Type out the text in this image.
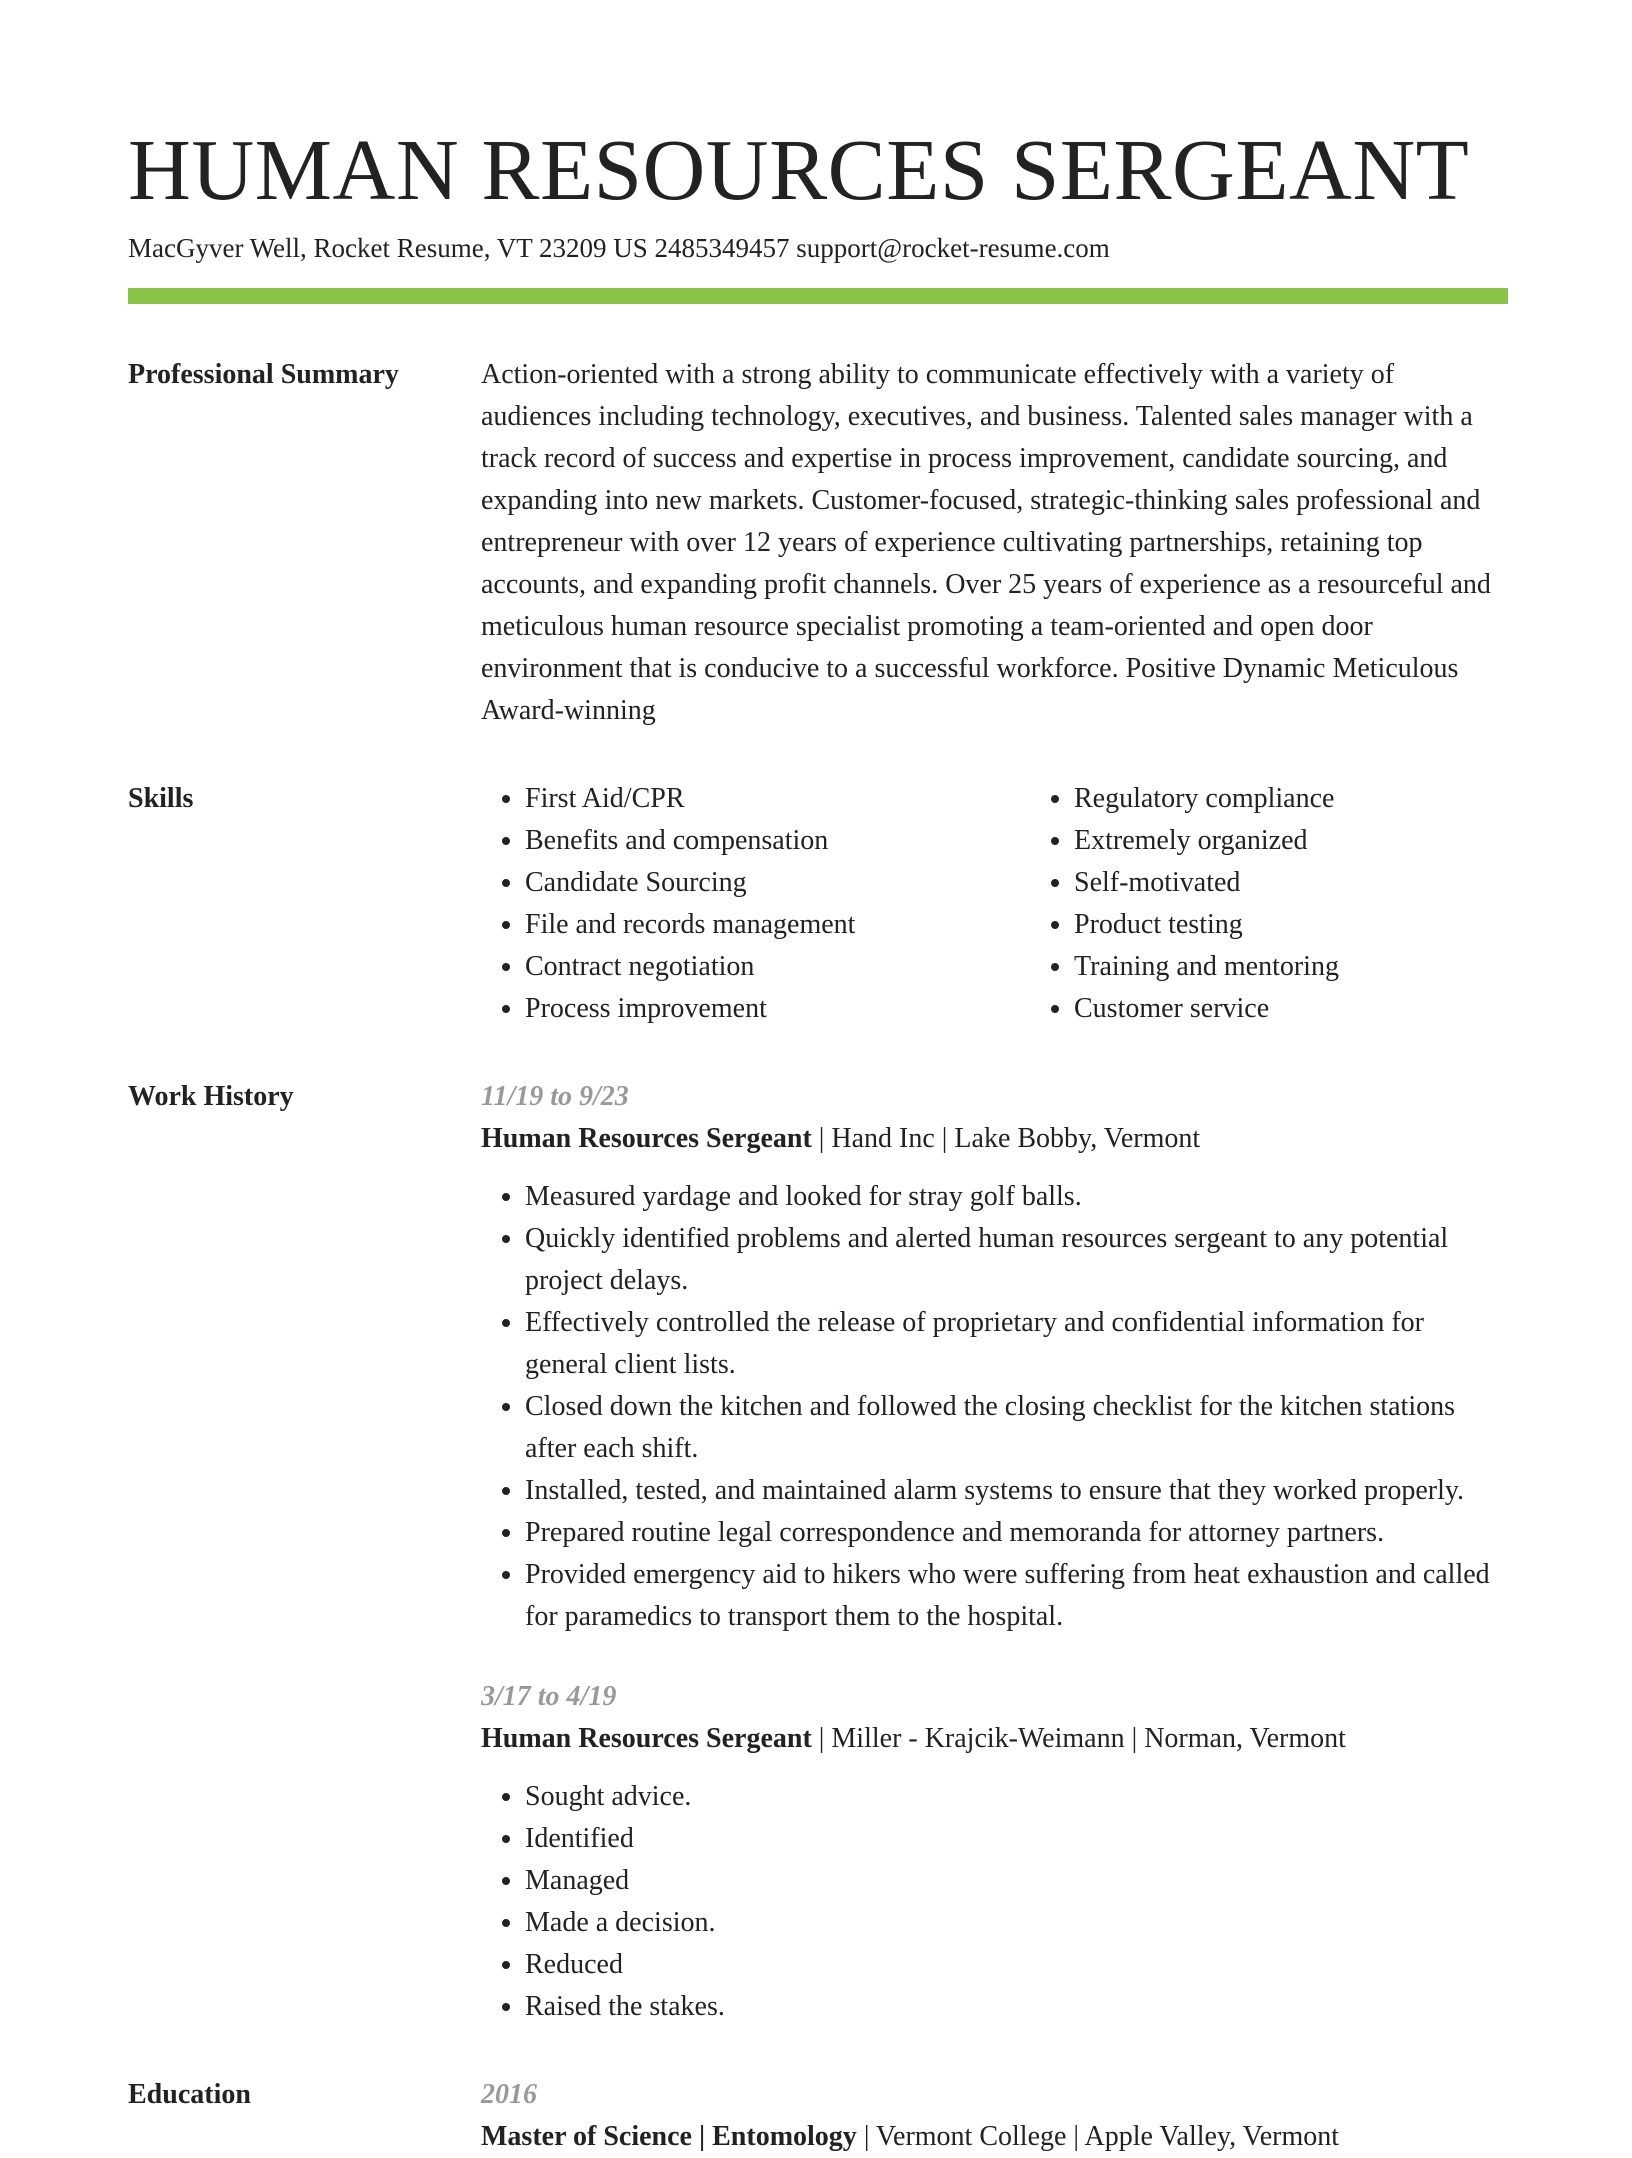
HUMAN RESOURCES SERGEANT
MacGyver Well, Rocket Resume, VT 23209 US 2485349457 support@rocket-resume.com
Professional Summary	Action-oriented with a strong ability to communicate effectively with a variety of audiences including technology, executives, and business. Talented sales manager with a track record of success and expertise in process improvement, candidate sourcing, and expanding into new markets. Customer-focused, strategic-thinking sales professional and entrepreneur with over 12 years of experience cultivating partnerships, retaining top accounts, and expanding profit channels. Over 25 years of experience as a resourceful and meticulous human resource specialist promoting a team-oriented and open door environment that is conducive to a successful workforce. Positive Dynamic Meticulous Award-winning

Skills
•	First Aid/CPR
• Benefits and compensation
• Candidate Sourcing
• File and records management
• Contract negotiation
• Process improvement
• Regulatory compliance
• Extremely organized
• Self-motivated
• Product testing
• Training and mentoring
• Customer service
Work History	11/19 to 9/23
Human Resources Sergeant | Hand Inc | Lake Bobby, Vermont
• Measured yardage and looked for stray golf balls.
• Quickly identified problems and alerted human resources sergeant to any potential project delays.
• Effectively controlled the release of proprietary and confidential information for general client lists.
• Closed down the kitchen and followed the closing checklist for the kitchen stations after each shift.
• Installed, tested, and maintained alarm systems to ensure that they worked properly.
• Prepared routine legal correspondence and memoranda for attorney partners.
• Provided emergency aid to hikers who were suffering from heat exhaustion and called for paramedics to transport them to the hospital.
3/17 to 4/19
Human Resources Sergeant | Miller - Krajcik-Weimann | Norman, Vermont
• Sought advice.
• Identified
• Managed
• Made a decision.
• Reduced
• Raised the stakes.
Education	2016
Master of Science | Entomology | Vermont College | Apple Valley, Vermont
